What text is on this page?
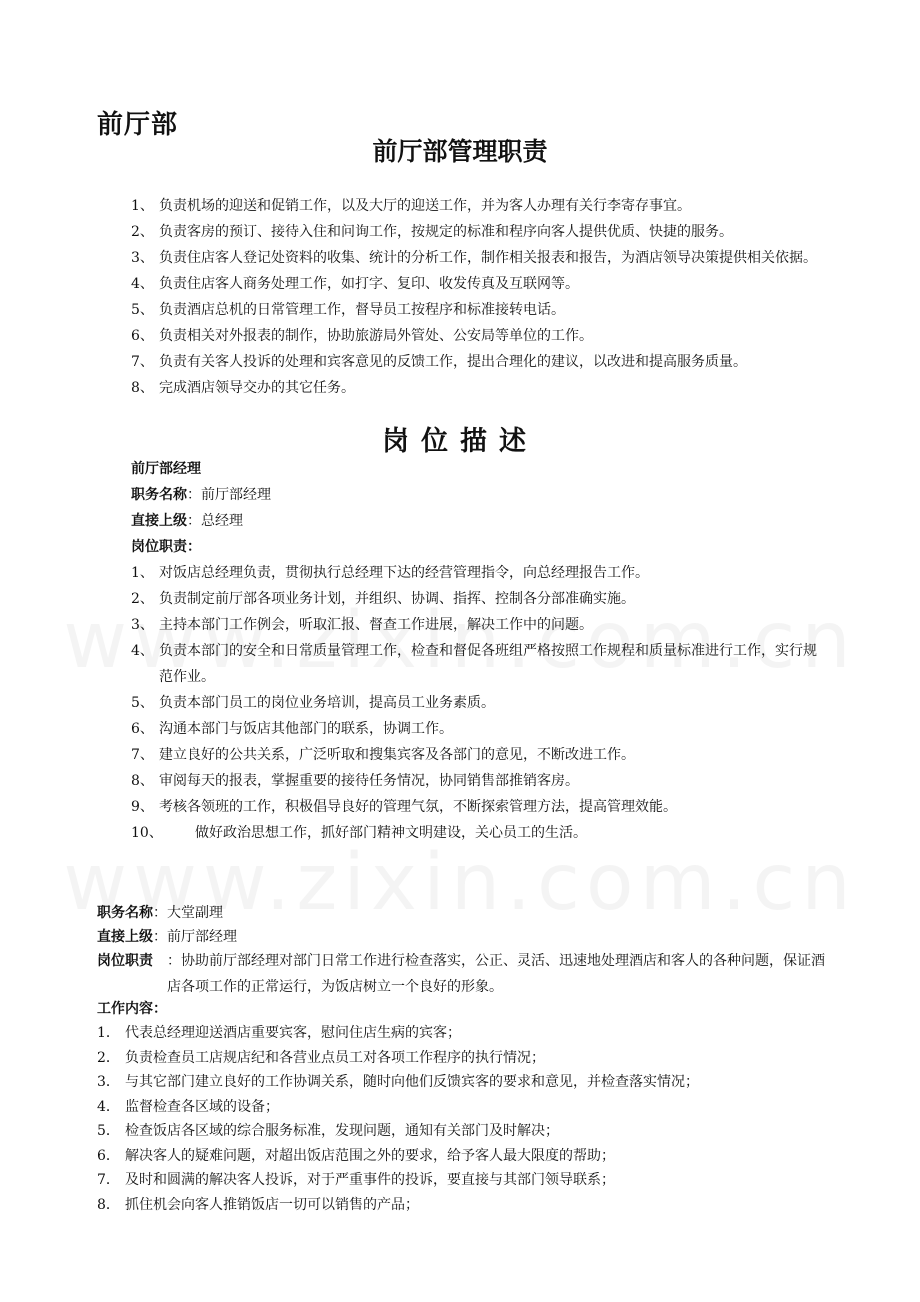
前厅部
前厅部管理职责
1、 负责机场的迎送和促销工作，以及大厅的迎送工作，并为客人办理有关行李寄存事宜。
2、 负责客房的预订、接待入住和问询工作，按规定的标准和程序向客人提供优质、快捷的服务。
3、 负责住店客人登记处资料的收集、统计的分析工作，制作相关报表和报告，为酒店领导决策提供相关依据。
4、 负责住店客人商务处理工作，如打字、复印、收发传真及互联网等。
5、 负责酒店总机的日常管理工作，督导员工按程序和标准接转电话。
6、 负责相关对外报表的制作，协助旅游局外管处、公安局等单位的工作。
7、 负责有关客人投诉的处理和宾客意见的反馈工作，提出合理化的建议，以改进和提高服务质量。
8、 完成酒店领导交办的其它任务。
岗位描述
前厅部经理
职务名称：前厅部经理
直接上级：总经理
岗位职责：
1、 对饭店总经理负责，贯彻执行总经理下达的经营管理指令，向总经理报告工作。
2、 负责制定前厅部各项业务计划，并组织、协调、指挥、控制各分部准确实施。
3、 主持本部门工作例会，听取汇报、督查工作进展，解决工作中的问题。
4、 负责本部门的安全和日常质量管理工作，检查和督促各班组严格按照工作规程和质量标准进行工作，实行规范作业。
5、 负责本部门员工的岗位业务培训，提高员工业务素质。
6、 沟通本部门与饭店其他部门的联系，协调工作。
7、 建立良好的公共关系，广泛听取和搜集宾客及各部门的意见，不断改进工作。
8、 审阅每天的报表，掌握重要的接待任务情况，协同销售部推销客房。
9、 考核各领班的工作，积极倡导良好的管理气氛，不断探索管理方法，提高管理效能。
10、	做好政治思想工作，抓好部门精神文明建设，关心员工的生活。
职务名称：大堂副理
直接上级：前厅部经理
岗位职责	：协助前厅部经理对部门日常工作进行检查落实，公正、灵活、迅速地处理酒店和客人的各种问题，保证酒店各项工作的正常运行，为饭店树立一个良好的形象。
工作内容：
1． 代表总经理迎送酒店重要宾客，慰问住店生病的宾客；
2． 负责检查员工店规店纪和各营业点员工对各项工作程序的执行情况；
3． 与其它部门建立良好的工作协调关系，随时向他们反馈宾客的要求和意见，并检查落实情况；
4． 监督检查各区域的设备；
5． 检查饭店各区域的综合服务标准，发现问题，通知有关部门及时解决；
6． 解决客人的疑难问题，对超出饭店范围之外的要求，给予客人最大限度的帮助；
7． 及时和圆满的解决客人投诉，对于严重事件的投诉，要直接与其部门领导联系；
8． 抓住机会向客人推销饭店一切可以销售的产品；
